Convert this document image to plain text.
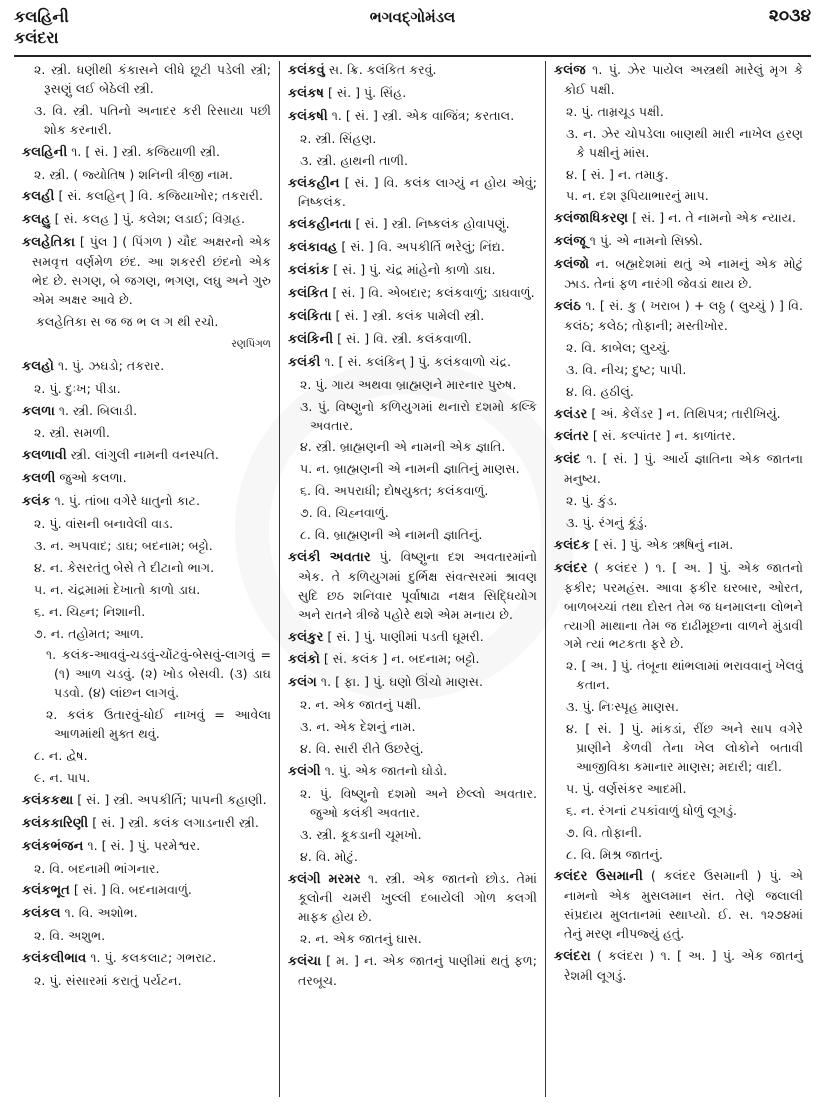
કલહિની
કલંદરા
ભગવદ્ગોમંડલ	૨૦૩૪

૨. સ્ત્રી. ધણીથી કંકાસને લીધે છૂટી પડેલી સ્ત્રી; રૂસણું લઈ બેઠેલી સ્ત્રી.

૩. વિ. સ્ત્રી. પતિનો અનાદર કરી રિસાયા પછી શોક કરનારી.

કલહિની ૧. [ સં. ] સ્ત્રી. કજિયાળી સ્ત્રી.

૨. સ્ત્રી. ( જ્યોતિષ ) શનિની ત્રીજી નામ.

કલહી [ સં. કલહિન્ ] વિ. કજિયાખોર; તકરારી.

કલહુ [ સં. કલહ ] પું. કલેશ; લડાઈ; વિગ્રહ.

કલહેતિકા [ પુંલ ] ( પિંગળ ) ચૌદ અક્ષરનો એક સમવૃત્ત વર્ણમેળ છંદ. આ શકરરી છંદનો એક ભેદ છે. સગણ, બે જગણ, ભગણ, લઘુ અને ગુરુ એમ અક્ષર આવે છે.

કલહેતિકા સ જ જ ભ લ ગ થી રચો.

રણપિંગળ

કલહો ૧. પું. ઝઘડો; તકરાર.

૨. પું. દુઃખ; પીડા.

કલળા ૧. સ્ત્રી. બિલાડી.

૨. સ્ત્રી. સમળી.

કલળાવી સ્ત્રી. લાંગુલી નામની વનસ્પતિ.

કલળી જુઓ કલળા.

કલંક ૧. પું. તાંબા વગેરે ધાતુનો કાટ.

૨. પું. વાંસની બનાવેલી વાડ.

૩. ન. અપવાદ; ડાઘ; બદનામ; બટ્ટો.

૪. ન. કેસરતંતુ બેસે તે દીટાનો ભાગ.

૫. ન. ચંદ્રમામાં દેખાતો કાળો ડાઘ.

૬. ન. ચિહ્ન; નિશાની.

૭. ન. તહોમત; આળ.

૧. કલંક-આવવું-ચડવું-ચોંટવું-બેસવું-લાગવું = (૧) આળ ચડવું. (૨) ખોડ બેસવી. (૩) ડાઘ પડવો. (૪) લાંછન લાગવું.

૨. કલંક ઉતારવું-ધોઈ નાખવું = આવેલા આળમાંથી મુક્ત થવું.

૮. ન. દ્વેષ.

૯. ન. પાપ.

કલંકકથા [ સં. ] સ્ત્રી. અપકીર્તિ; પાપની કહાણી.

કલંકકારિણી [ સં. ] સ્ત્રી. કલંક લગાડનારી સ્ત્રી.

કલંકભંજન ૧. [ સં. ] પું. પરમેશ્વર.

૨. વિ. બદનામી ભાંગનાર.

કલંકભૂત [ સં. ] વિ. બદનામવાળું.

કલંકલ ૧. વિ. અશોભ.

૨. વિ. અશુભ.

કલંકલીભાવ ૧. પું. કલકલાટ; ગભરાટ.

૨. પું. સંસારમાં કરાતું પર્યટન.

કલંકવું સ. ક્રિ. કલંકિત કરવું.

કલંકષ [ સં. ] પું. સિંહ.

કલંકષી ૧. [ સં. ] સ્ત્રી. એક વાજિંત્ર; કરતાલ.

૨. સ્ત્રી. સિંહણ.

૩. સ્ત્રી. હાથની તાળી.

કલંકહીન [ સં. ] વિ. કલંક લાગ્યું ન હોય એવું; નિષ્કલંક.

કલંકહીનતા [ સં. ] સ્ત્રી. નિષ્કલંક હોવાપણું.

કલંકાવહ [ સં. ] વિ. અપકીર્તિ ભરેલું; નિંદ્ય.

કલંકાંક [ સં. ] પું. ચંદ્ર માંહેનો કાળો ડાઘ.

કલંકિત [ સં. ] વિ. એબદાર; કલંકવાળું; ડાઘવાળું.

કલંકિતા [ સં. ] સ્ત્રી. કલંક પામેલી સ્ત્રી.

કલંકિની [ સં. ] વિ. સ્ત્રી. કલંકવાળી.

કલંકી ૧. [ સં. કલંકિન્ ] પું. કલંકવાળો ચંદ્ર.

૨. પું. ગાય અથવા બ્રાહ્મણને મારનાર પુરુષ.

૩. પું. વિષ્ણુનો કળિયુગમાં થનારો દશમો કલ્કિ અવતાર.

૪. સ્ત્રી. બ્રાહ્મણની એ નામની એક જ્ઞાતિ.

૫. ન. બ્રાહ્મણની એ નામની જ્ઞાતિનું માણસ.

૬. વિ. અપરાધી; દોષયુક્ત; કલંકવાળું.

૭. વિ. ચિહ્નવાળું.

૮. વિ. બ્રાહ્મણની એ નામની જ્ઞાતિનું.

કલંકી અવતાર પું. વિષ્ણુના દશ અવતારમાંનો એક. તે કળિયુગમાં દુર્ભિક્ષ સંવત્સરમાં શ્રાવણ સુદિ છઠ શનિવાર પૂર્વાષાઢા નક્ષત્ર સિદ્ધિયોગ અને રાતને ત્રીજે પહોરે થશે એમ મનાય છે.

કલંકુર [ સં. ] પું. પાણીમાં પડતી ઘૂમરી.

કલંકો [ સં. કલંક ] ન. બદનામ; બટ્ટો.

કલંગ ૧. [ ફા. ] પું. ઘણો ઊંચો માણસ.

૨. ન. એક જાતનું પક્ષી.

૩. ન. એક દેશનું નામ.

૪. વિ. સારી રીતે ઉછરેલું.

કલંગી ૧. પું. એક જાતનો ઘોડો.

૨. પું. વિષ્ણુનો દશમો અને છેલ્લો અવતાર. જુઓ કલંકી અવતાર.

૩. સ્ત્રી. કૂકડાની ચૂમખો.

૪. વિ. મોટું.

કલંગી મરમર ૧. સ્ત્રી. એક જાતનો છોડ. તેમાં કૂલોની ચમરી ખુલ્લી દબાયેલી ગોળ કલગી માફક હોય છે.

૨. ન. એક જાતનું ઘાસ.

કલંચા [ મ. ] ન. એક જાતનું પાણીમાં થતું ફળ; તરબૂચ.

કલંજ ૧. પું. ઝેર પાયેલ અસ્ત્રથી મારેલું મૃગ કે કોઈ પક્ષી.

૨. પું. તામ્રચૂડ પક્ષી.

૩. ન. ઝેર ચોપડેલા બાણથી મારી નાખેલ હરણ કે પક્ષીનું માંસ.

૪. [ સં. ] ન. તમાકુ.

૫. ન. દશ રૂપિયાભારનું માપ.

કલંજાધિકરણ [ સં. ] ન. તે નામનો એક ન્યાય.

કલંજૂ ૧ પું. એ નામનો સિક્કો.

કલંજો ન. બહ્મદેશમાં થતું એ નામનું એક મોટું ઝાડ. તેનાં ફળ નારંગી જેવડાં થાય છે.

કલંઠ ૧. [ સં. કુ ( ખરાબ ) + લઠ્ઠ ( લુચ્ચું ) ] વિ. કલંઠ; કલેઠ; તોફાની; મસ્તીખોર.

૨. વિ. કાબેલ; લુચ્ચું.

૩. વિ. નીચ; દુષ્ટ; પાપી.

૪. વિ. હઠીલું.

કલંડર [ અં. કેલેંડર ] ન. તિથિપત્ર; તારીખિયું.

કલંતર [ સં. કલ્પાંતર ] ન. કાળાંતર.

કલંદ ૧. [ સં. ] પું. આર્ય જ્ઞાતિના એક જાતના મનુષ્ય.

૨. પું. કુંડ.

૩. પું. રંગનું કૂંડું.

કલંદક [ સં. ] પું. એક ઋષિનું નામ.

કલંદર ( કલંદર ) ૧. [ અ. ] પું. એક જાતનો ફકીર; પરમહંસ. આવા ફકીર ઘરબાર, ઓરત, બાળબચ્ચાં તથા દોસ્ત તેમ જ ધનમાલના લોભને ત્યાગી માથાના તેમ જ દાઢીમૂછના વાળને મુંડાવી ગમે ત્યાં ભટકતા ફરે છે.

૨. [ અ. ] પું. તંબૂના થાંભલામાં ભરાવવાનું ખેલવું કતાન.

૩. પું. નિઃસ્પૃહ માણસ.

૪. [ સં. ] પું. માંકડાં, રીંછ અને સાપ વગેરે પ્રાણીને કેળવી તેના ખેલ લોકોને બતાવી આજીવિકા કમાનાર માણસ; મદારી; વાદી.

૫. પું. વર્ણસંકર આદમી.

૬. ન. રંગનાં ટપકાંવાળું ધોળું લૂગડું.

૭. વિ. તોફાની.

૮. વિ. મિશ્ર જાતનું.

કલંદર ઉસમાની ( કલંદર ઉસમાની ) પું. એ નામનો એક મુસલમાન સંત. તેણે જલાલી સંપ્રદાય મુલતાનમાં સ્થાપ્યો. ઈ. સ. ૧૨૭૪માં તેનું મરણ નીપજ્યું હતું.

કલંદરા ( કલંદરા ) ૧. [ અ. ] પું. એક જાતનું રેશમી લૂગડું.
